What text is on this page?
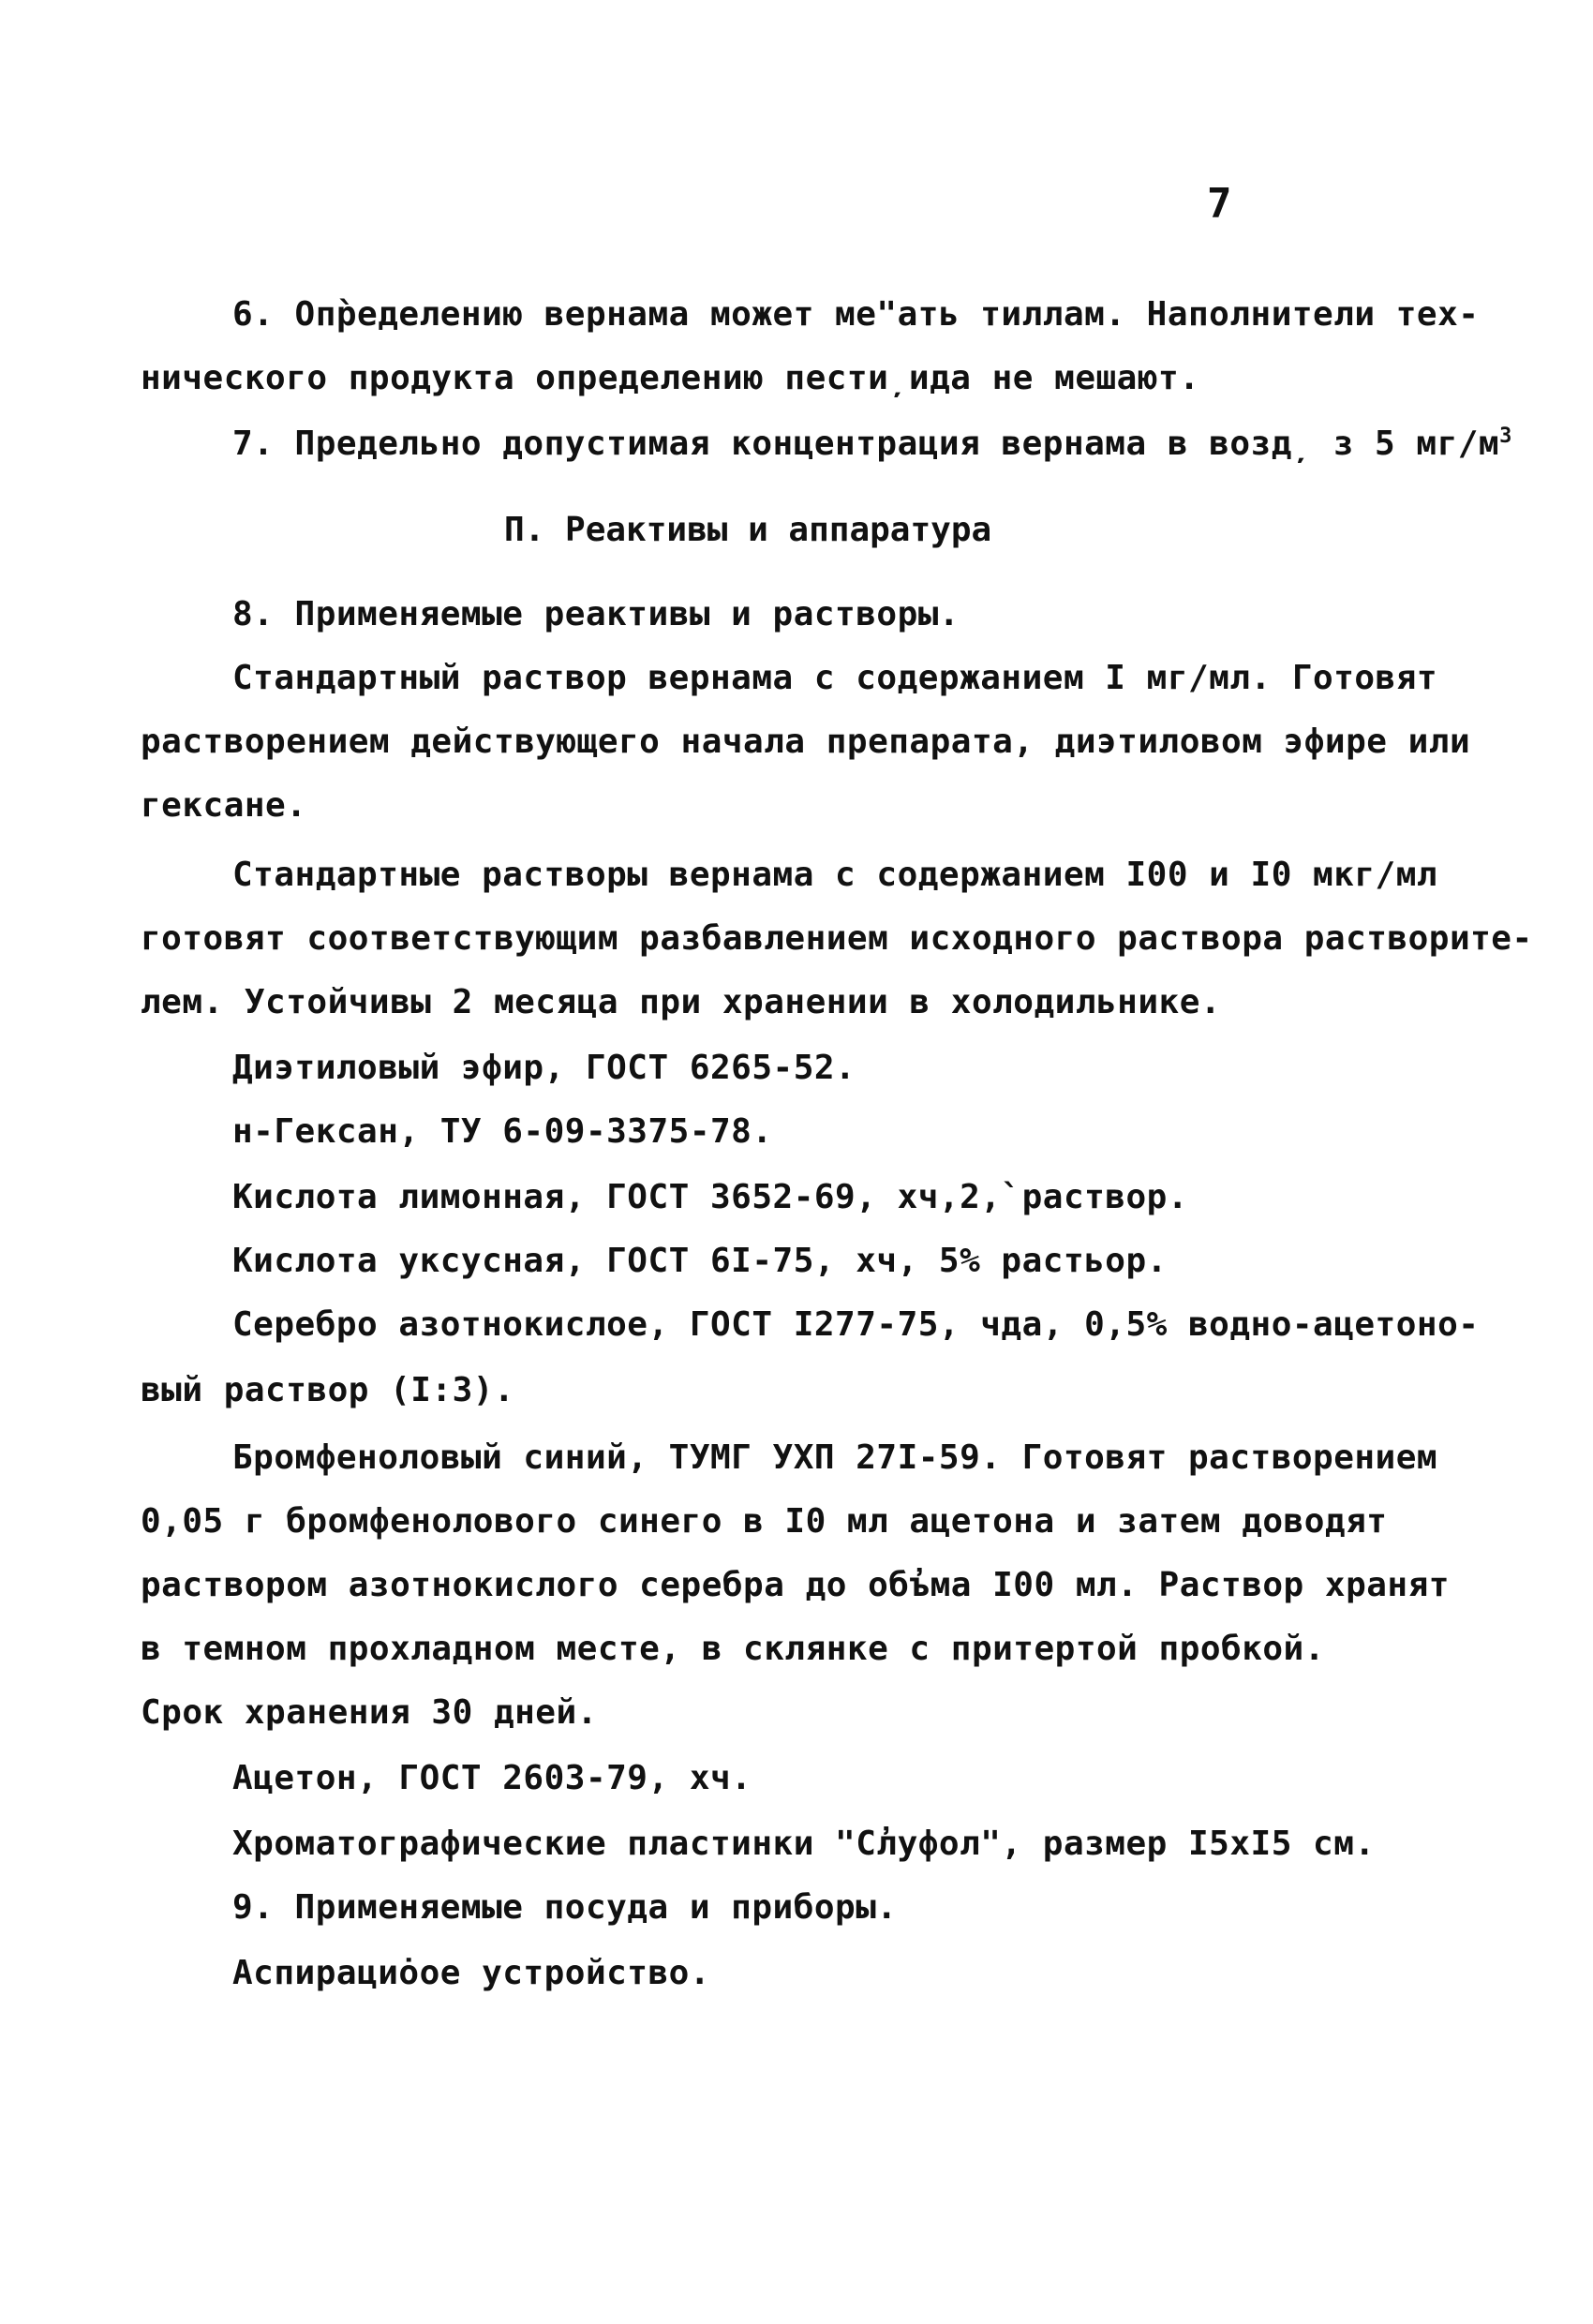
7
6. Опр̀еделению вернама может ме"ать тиллам. Наполнители тех-
нического продукта определению пести̦ида не мешают.
7. Предельно допустимая концентрация вернама в возд̦ з 5 $мг/м^3$
П. Реактивы и аппаратура
8. Применяемые реактивы и растворы.
Стандартный раствор вернама с содержанием I мг/мл. Готовят
растворением действующего начала препарата, диэтиловом эфире или
гексане.
Стандартные растворы вернама с содержанием I00 и I0 мкг/мл
готовят соответствующим разбавлением исходного раствора растворите-
лем. Устойчивы 2 месяца при хранении в холодильнике.
Диэтиловый эфир, ГОСТ 6265-52.
н-Гексан, ТУ 6-09-3375-78.
Кислота лимонная, ГОСТ 3652-69, хч,2,̀ раствор.
Кислота уксусная, ГОСТ 6I-75, хч, 5% растьор.
Серебро азотнокислое, ГОСТ I277-75, чда, 0,5% водно-ацетоно-
вый раствор (I:3).
Бромфеноловый синий, ТУМГ УХП 27I-59. Готовят растворением
0,05 г бромфенолового синего в I0 мл ацетона и затем доводят
раствором азотнокислого серебра до объ̓ма I00 мл. Раствор хранят
в темном прохладном месте, в склянке с притертой пробкой.
Срок хранения 30 дней.
Ацетон, ГОСТ 2603-79, хч.
Хроматографические пластинки "С̓луфол", размер I5xI5 см.
9. Применяемые посуда и приборы.
Аспирацио̇ое устройство.
